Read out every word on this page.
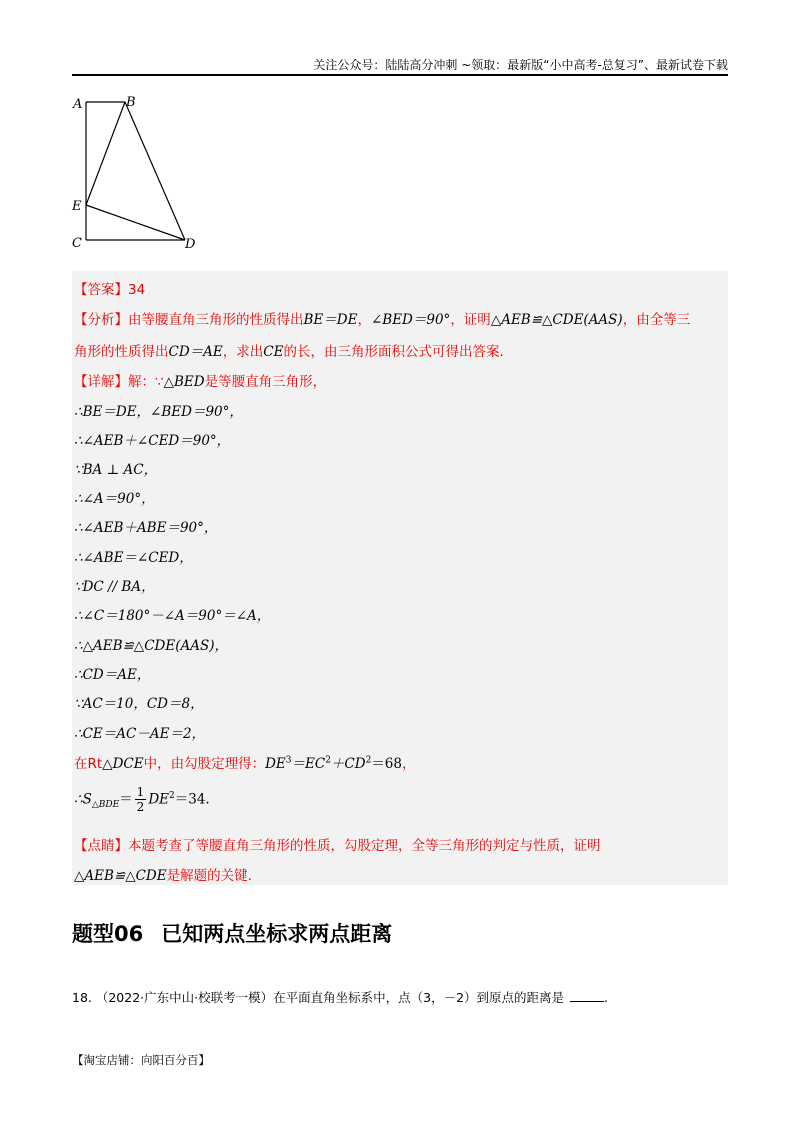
关注公众号：陆陆高分冲刺 ~领取：最新版“小中高考-总复习”、最新试卷下载
A	B
E
C	D
【答案】34
【分析】由等腰直角三角形的性质得出BE＝DE，∠BED＝90°，证明△AEB≌△CDE(AAS)，由全等三
角形的性质得出CD＝AE，求出CE的长，由三角形面积公式可得出答案.
【详解】解：∵△BED是等腰直角三角形，
∴BE＝DE，∠BED＝90°，
∴∠AEB＋∠CED＝90°，
∵BA ⊥ AC，
∴∠A＝90°，
∴∠AEB＋ABE＝90°，
∴∠ABE＝∠CED，
∵DC // BA，
∴∠C＝180°－∠A＝90°＝∠A，
∴△AEB≌△CDE(AAS)，
∴CD＝AE，
∵AC＝10，CD＝8，
∴CE＝AC－AE＝2，
在Rt△DCE中，由勾股定理得：$DE^3=EC^2+CD^2=68$，
$\therefore S_{\triangle BDE}= \frac{1}{2} DE^2=34$.
【点睛】本题考查了等腰直角三角形的性质，勾股定理，全等三角形的判定与性质，证明
△AEB≌△CDE是解题的关键.
题型06 已知两点坐标求两点距离
18. （2022·广东中山·校联考一模）在平面直角坐标系中，点（3，－2）到原点的距离是	.
【淘宝店铺：向阳百分百】
